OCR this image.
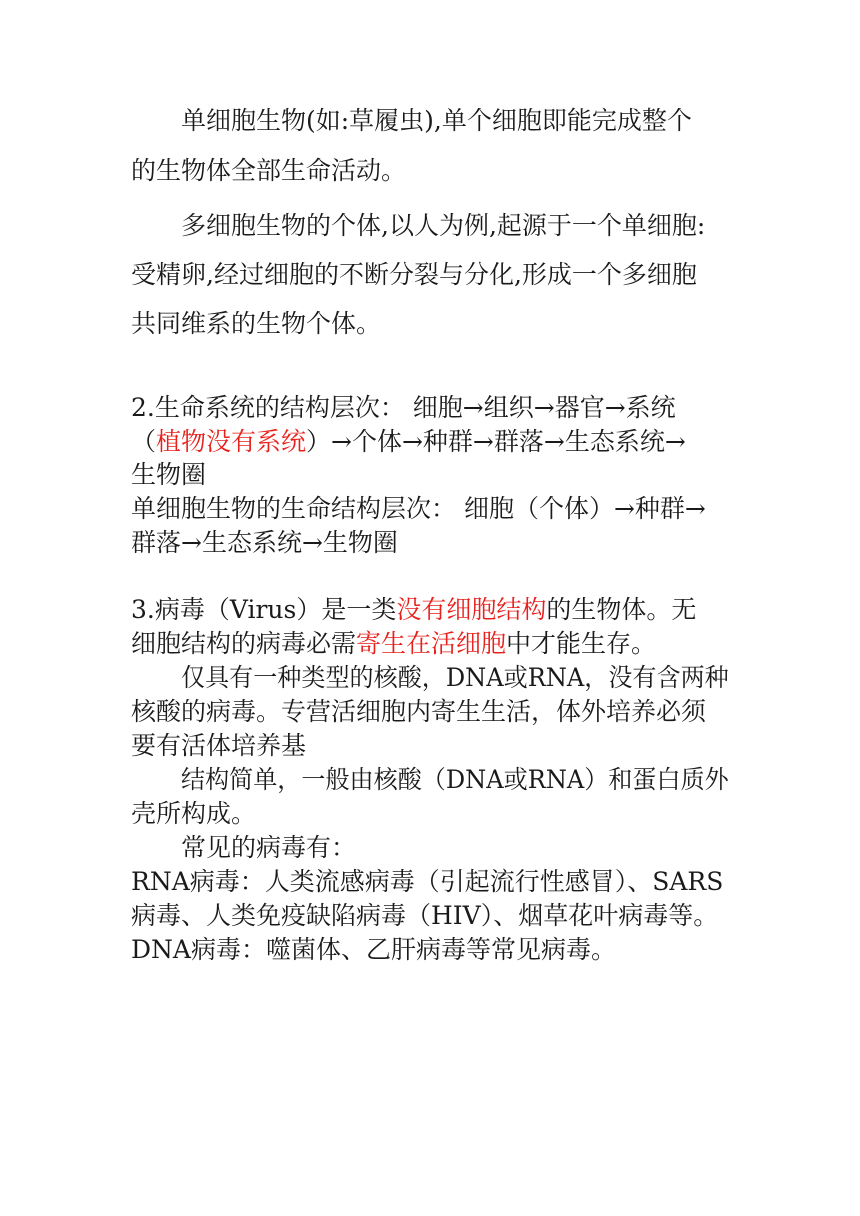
单细胞生物(如:草履虫),单个细胞即能完成整个
的生物体全部生命活动。
多细胞生物的个体,以人为例,起源于一个单细胞:
受精卵,经过细胞的不断分裂与分化,形成一个多细胞
共同维系的生物个体。
2.生命系统的结构层次： 细胞→组织→器官→系统
（植物没有系统）→个体→种群→群落→生态系统→
生物圈
单细胞生物的生命结构层次： 细胞（个体）→种群→
群落→生态系统→生物圈
3.病毒（Virus）是一类没有细胞结构的生物体。无
细胞结构的病毒必需寄生在活细胞中才能生存。
仅具有一种类型的核酸，DNA或RNA，没有含两种
核酸的病毒。专营活细胞内寄生生活，体外培养必须
要有活体培养基
结构简单，一般由核酸（DNA或RNA）和蛋白质外
壳所构成。
常见的病毒有：
RNA病毒：人类流感病毒（引起流行性感冒）、SARS
病毒、人类免疫缺陷病毒（HIV）、烟草花叶病毒等。
DNA病毒：噬菌体、乙肝病毒等常见病毒。
